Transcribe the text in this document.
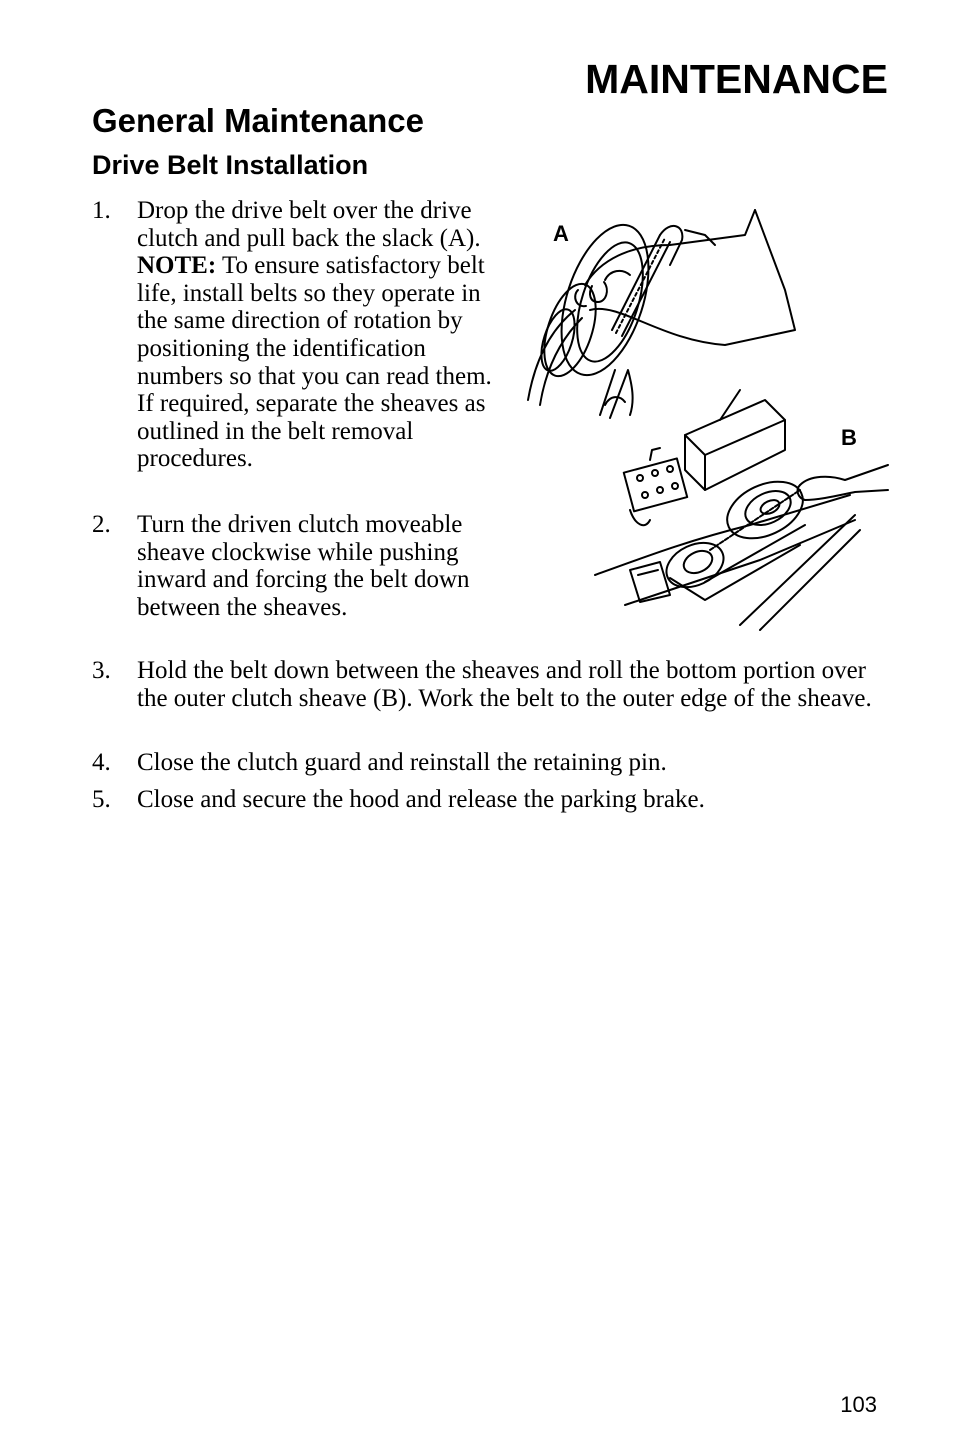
MAINTENANCE
General Maintenance
Drive Belt Installation
1.	Drop the drive belt over the drive clutch and pull back the slack (A). NOTE: To ensure satisfactory belt life, install belts so they operate in the same direction of rotation by positioning the identification numbers so that you can read them. If required, separate the sheaves as outlined in the belt removal procedures.
2.	Turn the driven clutch moveable sheave clockwise while pushing inward and forcing the belt down between the sheaves.
3.	Hold the belt down between the sheaves and roll the bottom portion over the outer clutch sheave (B). Work the belt to the outer edge of the sheave.
4.	Close the clutch guard and reinstall the retaining pin.
5.	Close and secure the hood and release the parking brake.
A
B
103
